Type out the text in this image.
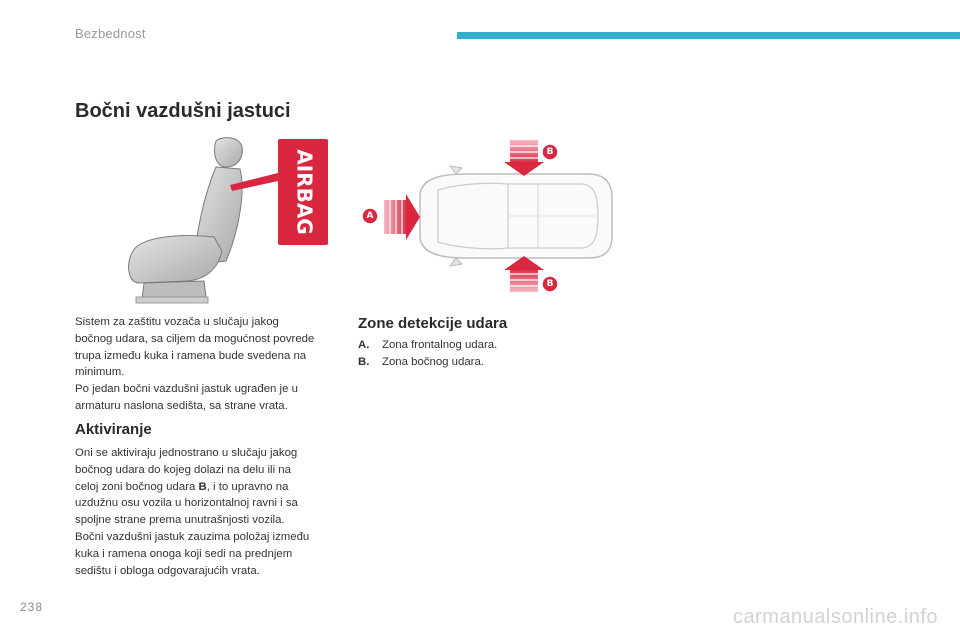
Bezbednost
Bočni vazdušni jastuci
AIRBAG	A
B
B

Sistem za zaštitu vozača u slučaju jakog

bočnog udara, sa ciljem da mogućnost povrede

trupa između kuka i ramena bude svedena na

minimum.

Po jedan bočni vazdušni jastuk ugrađen je u

armaturu naslona sedišta, sa strane vrata.

Aktiviranje

Oni se aktiviraju jednostrano u slučaju jakog

bočnog udara do kojeg dolazi na delu ili na

celoj zoni bočnog udara B, i to upravno na

uzdužnu osu vozila u horizontalnoj ravni i sa

spoljne strane prema unutrašnjosti vozila.

Bočni vazdušni jastuk zauzima položaj između

kuka i ramena onoga koji sedi na prednjem

sedištu i obloga odgovarajućih vrata.

Zone detekcije udara
A.	Zona frontalnog udara.
B.	Zona bočnog udara.
238	carmanualsonline.info
